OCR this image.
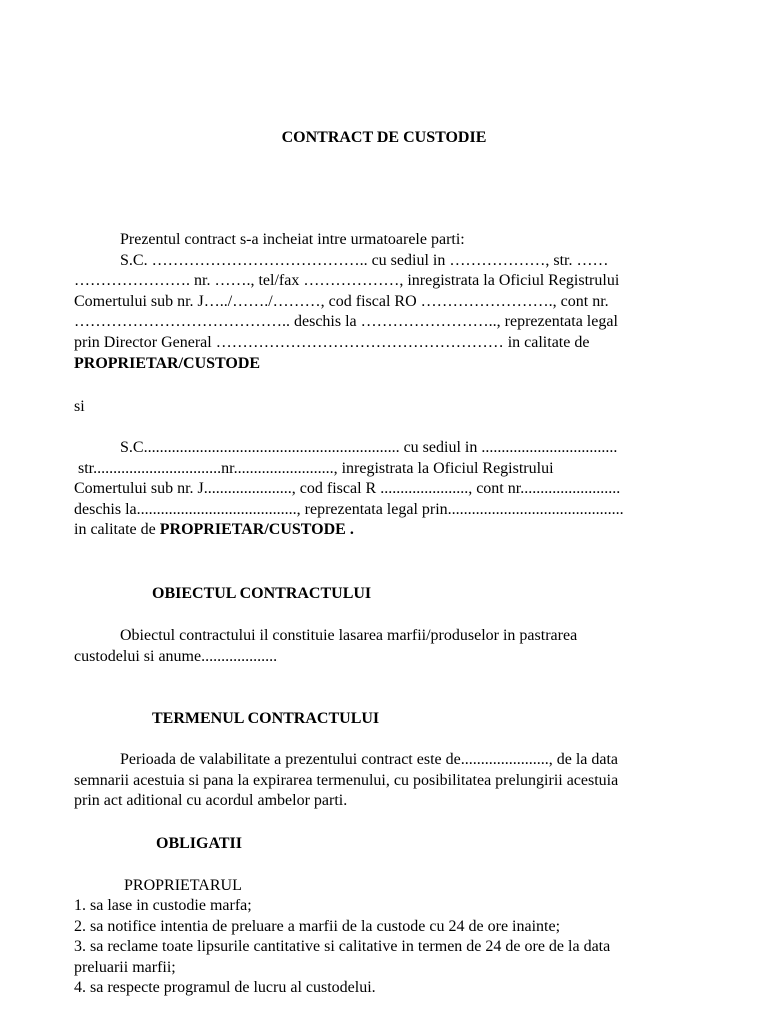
CONTRACT DE CUSTODIE
Prezentul contract s-a incheiat intre urmatoarele parti:
S.C. ………………………………….. cu sediul in ………………, str. ……
…………………. nr. ……., tel/fax ………………, inregistrata la Oficiul Registrului
Comertului sub nr. J…../……./………, cod fiscal RO ……………………., cont nr.
………………………………….. deschis la …………………….., reprezentata legal
prin Director General ……………………………………………… in calitate de
PROPRIETAR/CUSTODE
si
S.C................................................................ cu sediul in ..................................
str................................nr........................., inregistrata la Oficiul Registrului
Comertului sub nr. J......................, cod fiscal R ......................, cont nr.........................
deschis la........................................, reprezentata legal prin............................................
in calitate de PROPRIETAR/CUSTODE .
OBIECTUL CONTRACTULUI
Obiectul contractului il constituie lasarea marfii/produselor in pastrarea
custodelui si anume...................
TERMENUL CONTRACTULUI
Perioada de valabilitate a prezentului contract este de......................, de la data
semnarii acestuia si pana la expirarea termenului, cu posibilitatea prelungirii acestuia
prin act aditional cu acordul ambelor parti.
OBLIGATII
PROPRIETARUL
1. sa lase in custodie marfa;
2. sa notifice intentia de preluare a marfii de la custode cu 24 de ore inainte;
3. sa reclame toate lipsurile cantitative si calitative in termen de 24 de ore de la data
preluarii marfii;
4. sa respecte programul de lucru al custodelui.
